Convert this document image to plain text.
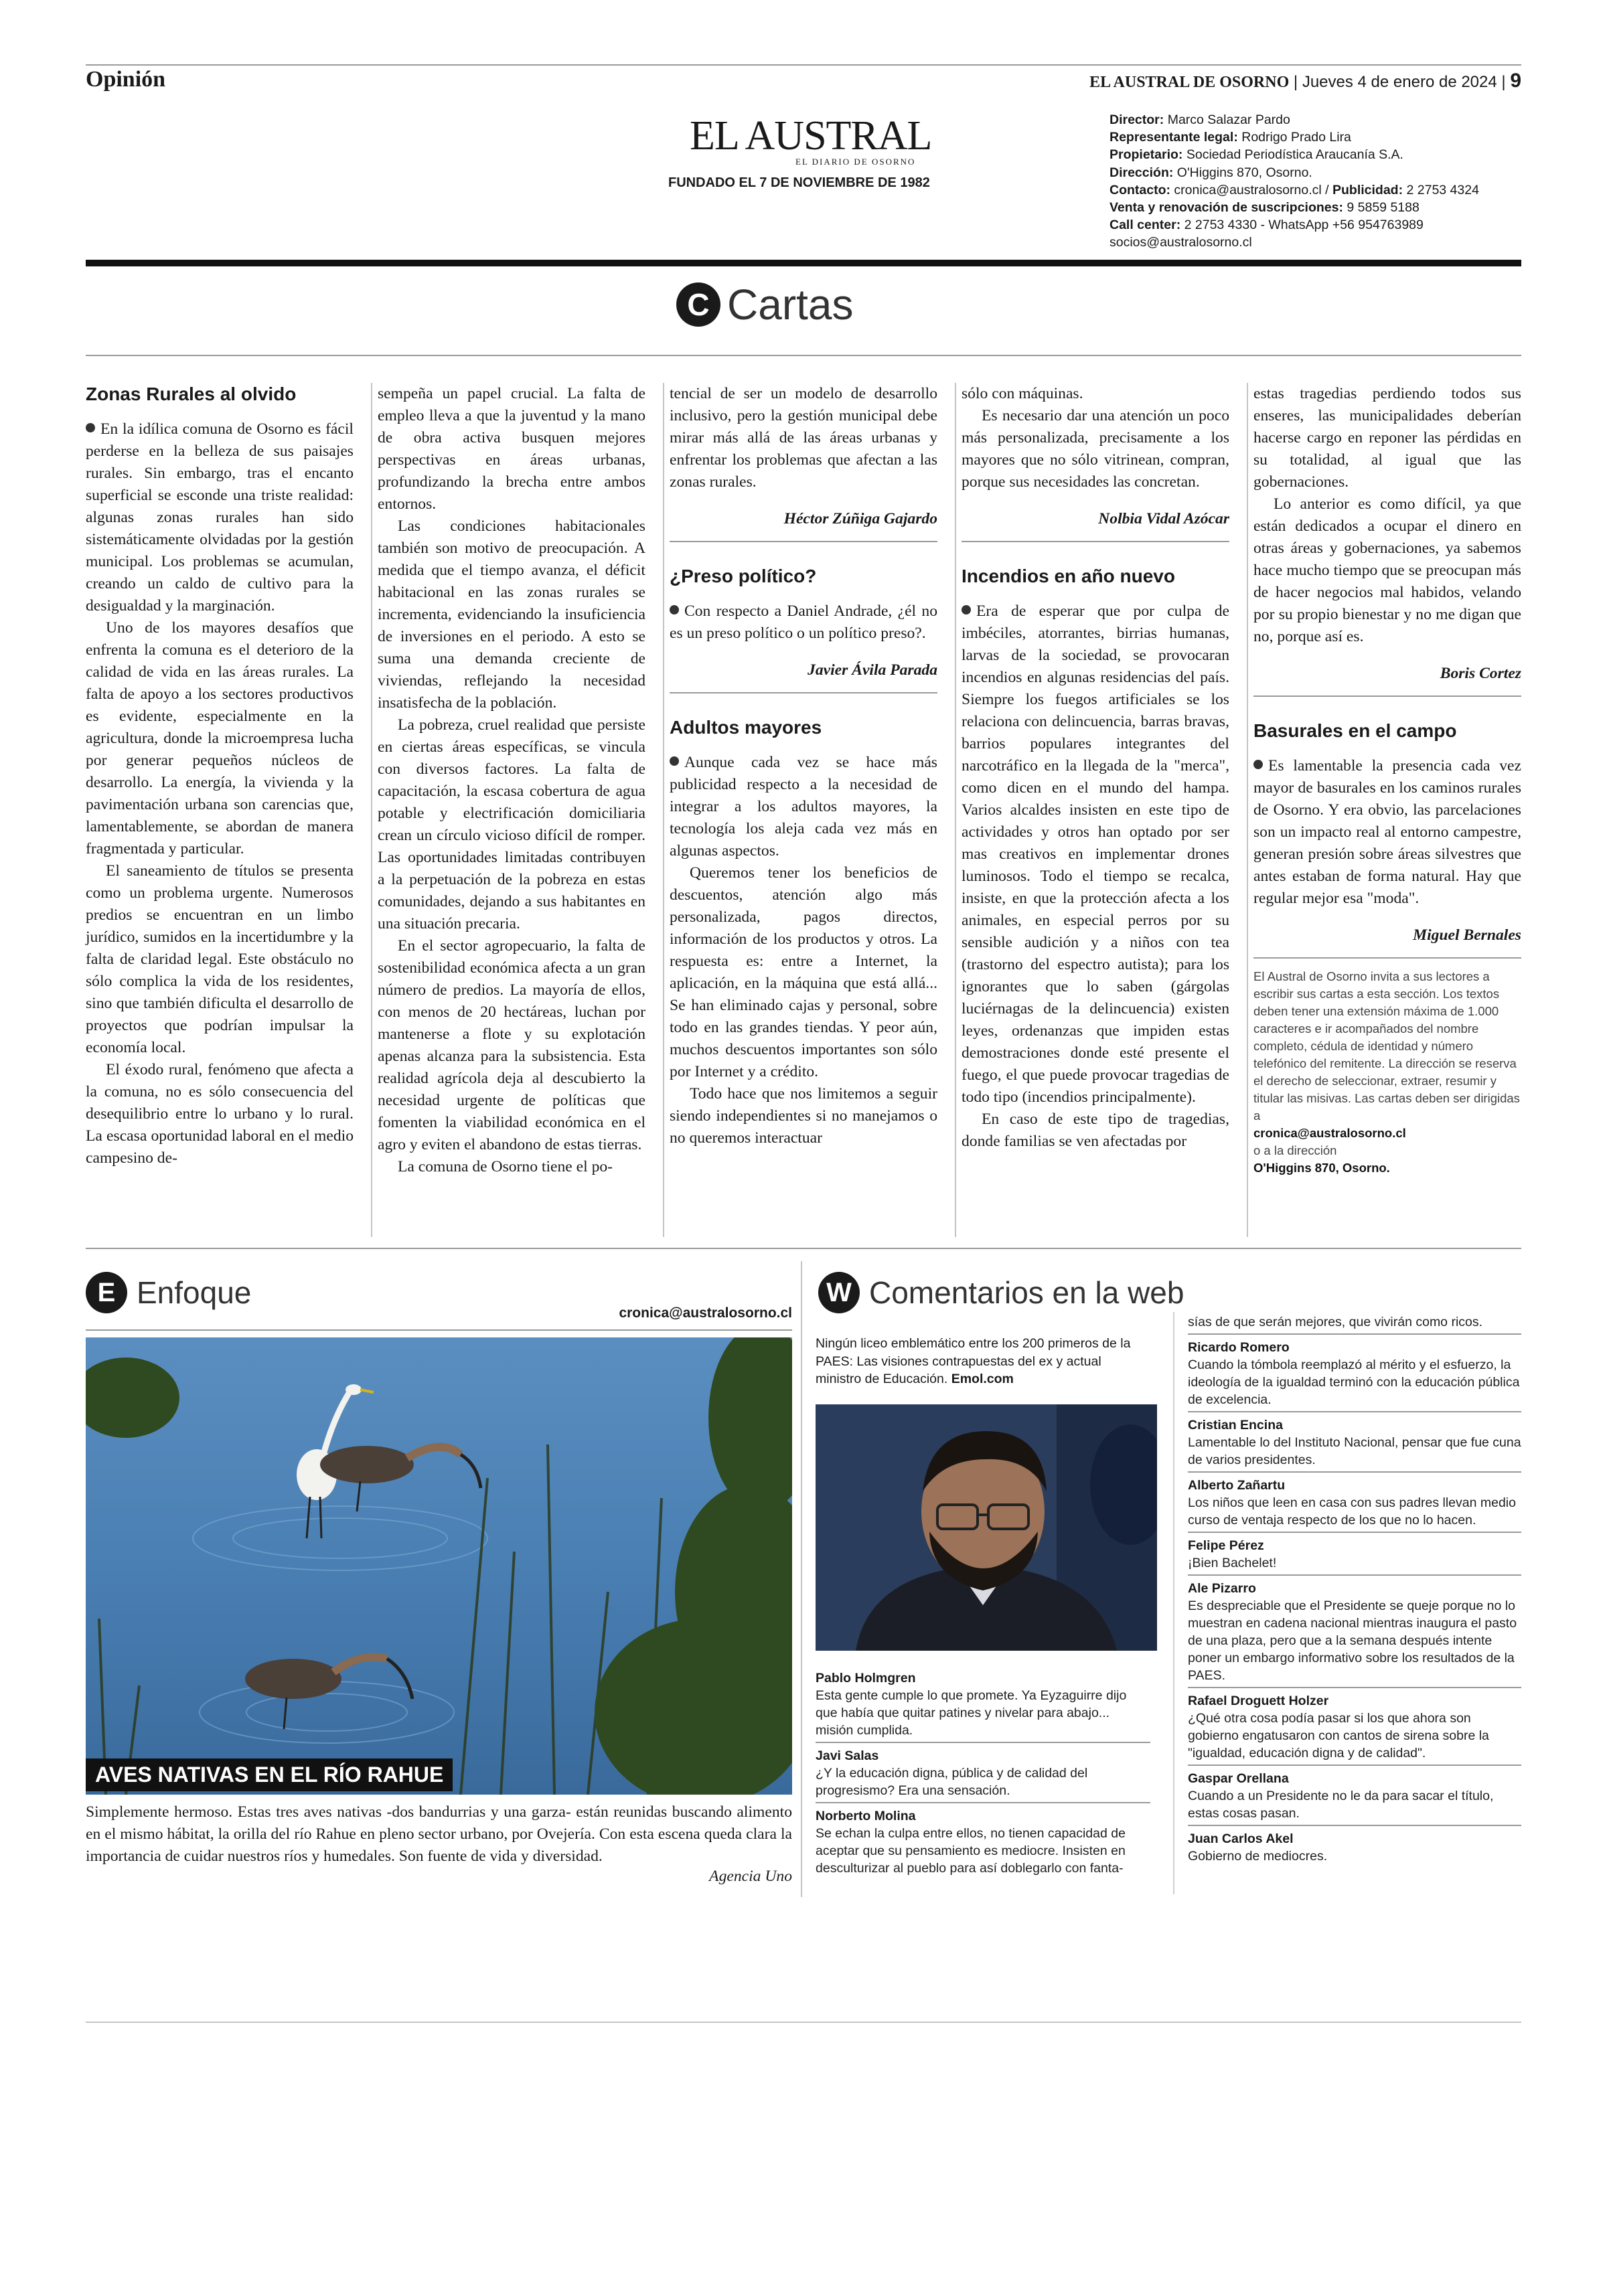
Opinión	EL AUSTRAL DE OSORNO | Jueves 4 de enero de 2024 | 9
EL AUSTRAL
EL DIARIO DE OSORNO
FUNDADO EL 7 DE NOVIEMBRE DE 1982
Director: Marco Salazar Pardo
Representante legal: Rodrigo Prado Lira
Propietario: Sociedad Periodística Araucanía S.A.
Dirección: O'Higgins 870, Osorno.
Contacto: cronica@australosorno.cl / Publicidad: 2 2753 4324
Venta y renovación de suscripciones: 9 5859 5188
Call center: 2 2753 4330 - WhatsApp +56 954763989
socios@australosorno.cl
C Cartas
Zonas Rurales al olvido

En la idílica comuna de Osorno es fácil perderse en la belleza de sus paisajes rurales. Sin embargo, tras el encanto superficial se esconde una triste realidad: algunas zonas rurales han sido sistemáticamente olvidadas por la gestión municipal. Los problemas se acumulan, creando un caldo de cultivo para la desigualdad y la marginación.

Uno de los mayores desafíos que enfrenta la comuna es el deterioro de la calidad de vida en las áreas rurales. La falta de apoyo a los sectores productivos es evidente, especialmente en la agricultura, donde la microempresa lucha por generar pequeños núcleos de desarrollo. La energía, la vivienda y la pavimentación urbana son carencias que, lamentablemente, se abordan de manera fragmentada y particular.

El saneamiento de títulos se presenta como un problema urgente. Numerosos predios se encuentran en un limbo jurídico, sumidos en la incertidumbre y la falta de claridad legal. Este obstáculo no sólo complica la vida de los residentes, sino que también dificulta el desarrollo de proyectos que podrían impulsar la economía local.

El éxodo rural, fenómeno que afecta a la comuna, no es sólo consecuencia del desequilibrio entre lo urbano y lo rural. La escasa oportunidad laboral en el medio campesino de-

sempeña un papel crucial. La falta de empleo lleva a que la juventud y la mano de obra activa busquen mejores perspectivas en áreas urbanas, profundizando la brecha entre ambos entornos.

Las condiciones habitacionales también son motivo de preocupación. A medida que el tiempo avanza, el déficit habitacional en las zonas rurales se incrementa, evidenciando la insuficiencia de inversiones en el periodo. A esto se suma una demanda creciente de viviendas, reflejando la necesidad insatisfecha de la población.

La pobreza, cruel realidad que persiste en ciertas áreas específicas, se vincula con diversos factores. La falta de capacitación, la escasa cobertura de agua potable y electrificación domiciliaria crean un círculo vicioso difícil de romper. Las oportunidades limitadas contribuyen a la perpetuación de la pobreza en estas comunidades, dejando a sus habitantes en una situación precaria.

En el sector agropecuario, la falta de sostenibilidad económica afecta a un gran número de predios. La mayoría de ellos, con menos de 20 hectáreas, luchan por mantenerse a flote y su explotación apenas alcanza para la subsistencia. Esta realidad agrícola deja al descubierto la necesidad urgente de políticas que fomenten la viabilidad económica en el agro y eviten el abandono de estas tierras.

La comuna de Osorno tiene el po-

tencial de ser un modelo de desarrollo inclusivo, pero la gestión municipal debe mirar más allá de las áreas urbanas y enfrentar los problemas que afectan a las zonas rurales.

Héctor Zúñiga Gajardo
¿Preso político?

Con respecto a Daniel Andrade, ¿él no es un preso político o un político preso?.

Javier Ávila Parada
Adultos mayores

Aunque cada vez se hace más publicidad respecto a la necesidad de integrar a los adultos mayores, la tecnología los aleja cada vez más en algunas aspectos.

Queremos tener los beneficios de descuentos, atención algo más personalizada, pagos directos, información de los productos y otros. La respuesta es: entre a Internet, la aplicación, en la máquina que está allá... Se han eliminado cajas y personal, sobre todo en las grandes tiendas. Y peor aún, muchos descuentos importantes son sólo por Internet y a crédito.

Todo hace que nos limitemos a seguir siendo independientes si no manejamos o no queremos interactuar

sólo con máquinas.

Es necesario dar una atención un poco más personalizada, precisamente a los mayores que no sólo vitrinean, compran, porque sus necesidades las concretan.

Nolbia Vidal Azócar
Incendios en año nuevo

Era de esperar que por culpa de imbéciles, atorrantes, birrias humanas, larvas de la sociedad, se provocaran incendios en algunas residencias del país. Siempre los fuegos artificiales se los relaciona con delincuencia, barras bravas, barrios populares integrantes del narcotráfico en la llegada de la "merca", como dicen en el mundo del hampa. Varios alcaldes insisten en este tipo de actividades y otros han optado por ser mas creativos en implementar drones luminosos. Todo el tiempo se recalca, insiste, en que la protección afecta a los animales, en especial perros por su sensible audición y a niños con tea (trastorno del espectro autista); para los ignorantes que lo saben (gárgolas luciérnagas de la delincuencia) existen leyes, ordenanzas que impiden estas demostraciones donde esté presente el fuego, el que puede provocar tragedias de todo tipo (incendios principalmente).

En caso de este tipo de tragedias, donde familias se ven afectadas por

estas tragedias perdiendo todos sus enseres, las municipalidades deberían hacerse cargo en reponer las pérdidas en su totalidad, al igual que las gobernaciones.

Lo anterior es como difícil, ya que están dedicados a ocupar el dinero en otras áreas y gobernaciones, ya sabemos hace mucho tiempo que se preocupan más de hacer negocios mal habidos, velando por su propio bienestar y no me digan que no, porque así es.

Boris Cortez
Basurales en el campo

Es lamentable la presencia cada vez mayor de basurales en los caminos rurales de Osorno. Y era obvio, las parcelaciones son un impacto real al entorno campestre, generan presión sobre áreas silvestres que antes estaban de forma natural. Hay que regular mejor esa "moda".

Miguel Bernales
El Austral de Osorno invita a sus lectores a escribir sus cartas a esta sección. Los textos deben tener una extensión máxima de 1.000 caracteres e ir acompañados del nombre completo, cédula de identidad y número telefónico del remitente. La dirección se reserva el derecho de seleccionar, extraer, resumir y titular las misivas. Las cartas deben ser dirigidas a
cronica@australosorno.cl
o a la dirección
O'Higgins 870, Osorno.
E Enfoque
cronica@australosorno.cl
AVES NATIVAS EN EL RÍO RAHUE
Simplemente hermoso. Estas tres aves nativas -dos bandurrias y una garza- están reunidas buscando alimento en el mismo hábitat, la orilla del río Rahue en pleno sector urbano, por Ovejería. Con esta escena queda clara la importancia de cuidar nuestros ríos y humedales. Son fuente de vida y diversidad.
Agencia Uno
W Comentarios en la web
Ningún liceo emblemático entre los 200 primeros de la PAES: Las visiones contrapuestas del ex y actual ministro de Educación. Emol.com
Pablo Holmgren
Esta gente cumple lo que promete. Ya Eyzaguirre dijo que había que quitar patines y nivelar para abajo... misión cumplida.
Javi Salas
¿Y la educación digna, pública y de calidad del progresismo? Era una sensación.
Norberto Molina
Se echan la culpa entre ellos, no tienen capacidad de aceptar que su pensamiento es mediocre. Insisten en desculturizar al pueblo para así doblegarlo con fanta-
sías de que serán mejores, que vivirán como ricos.
Ricardo Romero
Cuando la tómbola reemplazó al mérito y el esfuerzo, la ideología de la igualdad terminó con la educación pública de excelencia.
Cristian Encina
Lamentable lo del Instituto Nacional, pensar que fue cuna de varios presidentes.
Alberto Zañartu
Los niños que leen en casa con sus padres llevan medio curso de ventaja respecto de los que no lo hacen.
Felipe Pérez
¡Bien Bachelet!
Ale Pizarro
Es despreciable que el Presidente se queje porque no lo muestran en cadena nacional mientras inaugura el pasto de una plaza, pero que a la semana después intente poner un embargo informativo sobre los resultados de la PAES.
Rafael Droguett Holzer
¿Qué otra cosa podía pasar si los que ahora son gobierno engatusaron con cantos de sirena sobre la "igualdad, educación digna y de calidad".
Gaspar Orellana
Cuando a un Presidente no le da para sacar el título, estas cosas pasan.
Juan Carlos Akel
Gobierno de mediocres.
